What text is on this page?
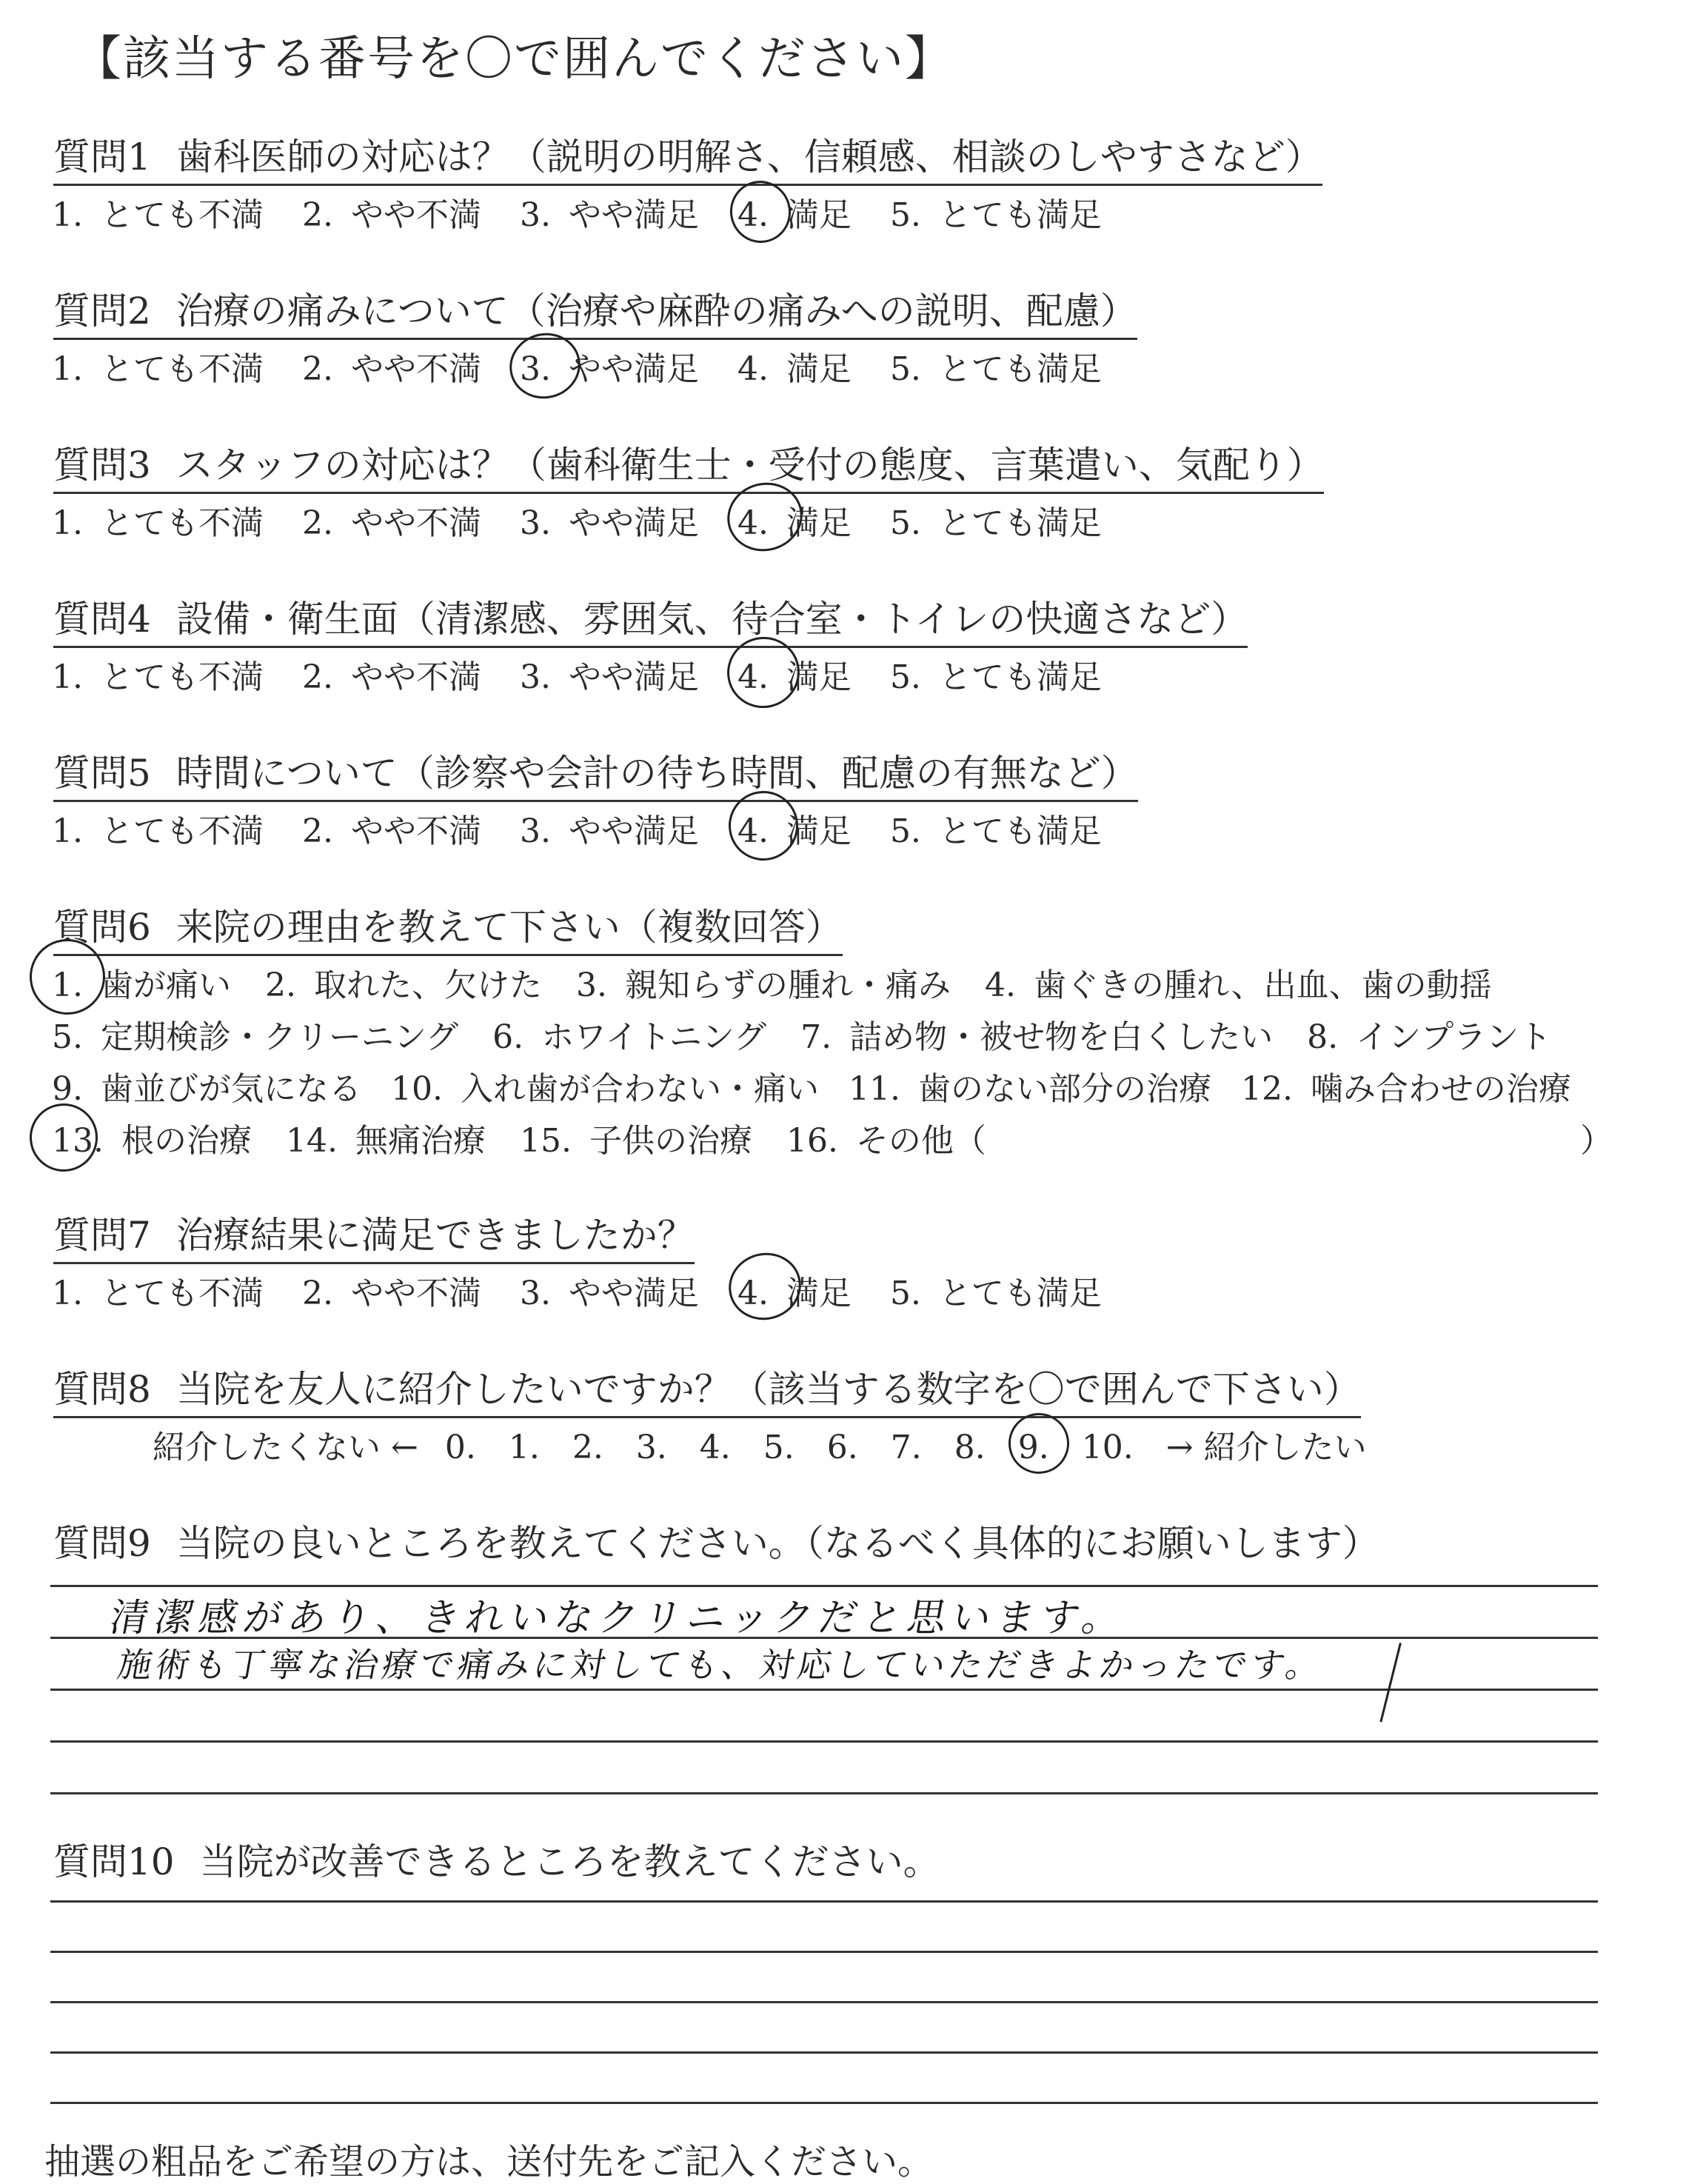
【該当する番号を〇で囲んでください】
質問1 歯科医師の対応は？（説明の明解さ、信頼感、相談のしやすさなど）
1. とても不満 2. やや不満 3. やや満足 4. 満足 5. とても満足
質問2 治療の痛みについて（治療や麻酔の痛みへの説明、配慮）
1. とても不満 2. やや不満 3. やや満足 4. 満足 5. とても満足
質問3 スタッフの対応は？（歯科衛生士・受付の態度、言葉遣い、気配り）
1. とても不満 2. やや不満 3. やや満足 4. 満足 5. とても満足
質問4 設備・衛生面（清潔感、雰囲気、待合室・トイレの快適さなど）
1. とても不満 2. やや不満 3. やや満足 4. 満足 5. とても満足
質問5 時間について（診察や会計の待ち時間、配慮の有無など）
1. とても不満 2. やや不満 3. やや満足 4. 満足 5. とても満足
質問6 来院の理由を教えて下さい（複数回答）
1. 歯が痛い 2. 取れた、欠けた 3. 親知らずの腫れ・痛み 4. 歯ぐきの腫れ、出血、歯の動揺
5. 定期検診・クリーニング 6. ホワイトニング 7. 詰め物・被せ物を白くしたい 8. インプラント
9. 歯並びが気になる 10. 入れ歯が合わない・痛い 11. 歯のない部分の治療 12. 噛み合わせの治療
13. 根の治療 14. 無痛治療 15. 子供の治療 16. その他（	）
質問7 治療結果に満足できましたか？
1. とても不満 2. やや不満 3. やや満足 4. 満足 5. とても満足
質問8 当院を友人に紹介したいですか？（該当する数字を〇で囲んで下さい）
紹介したくない ← 0. 1. 2. 3. 4. 5. 6. 7. 8. 9. 10. → 紹介したい
質問9 当院の良いところを教えてください。（なるべく具体的にお願いします）
清潔感があり、きれいなクリニックだと思います。
施術も丁寧な治療で痛みに対しても、対応していただきよかったです。
質問10 当院が改善できるところを教えてください。
抽選の粗品をご希望の方は、送付先をご記入ください。
